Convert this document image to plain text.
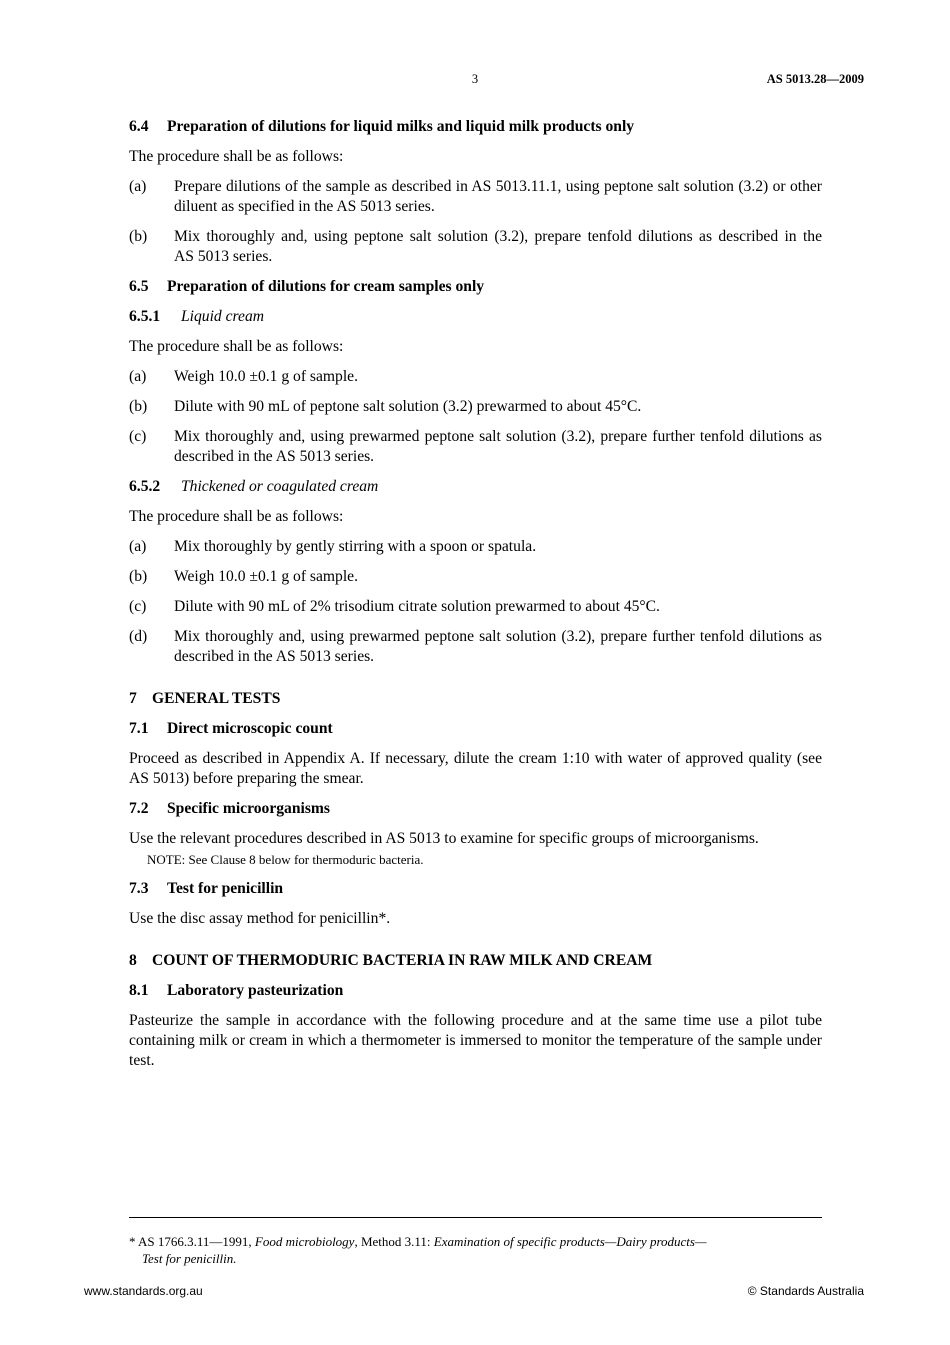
3	AS 5013.28—2009
6.4 Preparation of dilutions for liquid milks and liquid milk products only
The procedure shall be as follows:
(a)	Prepare dilutions of the sample as described in AS 5013.11.1, using peptone salt solution (3.2) or other diluent as specified in the AS 5013 series.
(b)	Mix thoroughly and, using peptone salt solution (3.2), prepare tenfold dilutions as described in the AS 5013 series.
6.5 Preparation of dilutions for cream samples only
6.5.1 Liquid cream
The procedure shall be as follows:
(a)	Weigh 10.0 ±0.1 g of sample.
(b)	Dilute with 90 mL of peptone salt solution (3.2) prewarmed to about 45°C.
(c)	Mix thoroughly and, using prewarmed peptone salt solution (3.2), prepare further tenfold dilutions as described in the AS 5013 series.
6.5.2 Thickened or coagulated cream
The procedure shall be as follows:
(a)	Mix thoroughly by gently stirring with a spoon or spatula.
(b)	Weigh 10.0 ±0.1 g of sample.
(c)	Dilute with 90 mL of 2% trisodium citrate solution prewarmed to about 45°C.
(d)	Mix thoroughly and, using prewarmed peptone salt solution (3.2), prepare further tenfold dilutions as described in the AS 5013 series.
7 GENERAL TESTS
7.1 Direct microscopic count
Proceed as described in Appendix A. If necessary, dilute the cream 1:10 with water of approved quality (see AS 5013) before preparing the smear.
7.2 Specific microorganisms
Use the relevant procedures described in AS 5013 to examine for specific groups of microorganisms.
NOTE: See Clause 8 below for thermoduric bacteria.
7.3 Test for penicillin
Use the disc assay method for penicillin*.
8 COUNT OF THERMODURIC BACTERIA IN RAW MILK AND CREAM
8.1 Laboratory pasteurization
Pasteurize the sample in accordance with the following procedure and at the same time use a pilot tube containing milk or cream in which a thermometer is immersed to monitor the temperature of the sample under test.
* AS 1766.3.11—1991, Food microbiology, Method 3.11: Examination of specific products—Dairy products—
Test for penicillin.
www.standards.org.au	© Standards Australia
